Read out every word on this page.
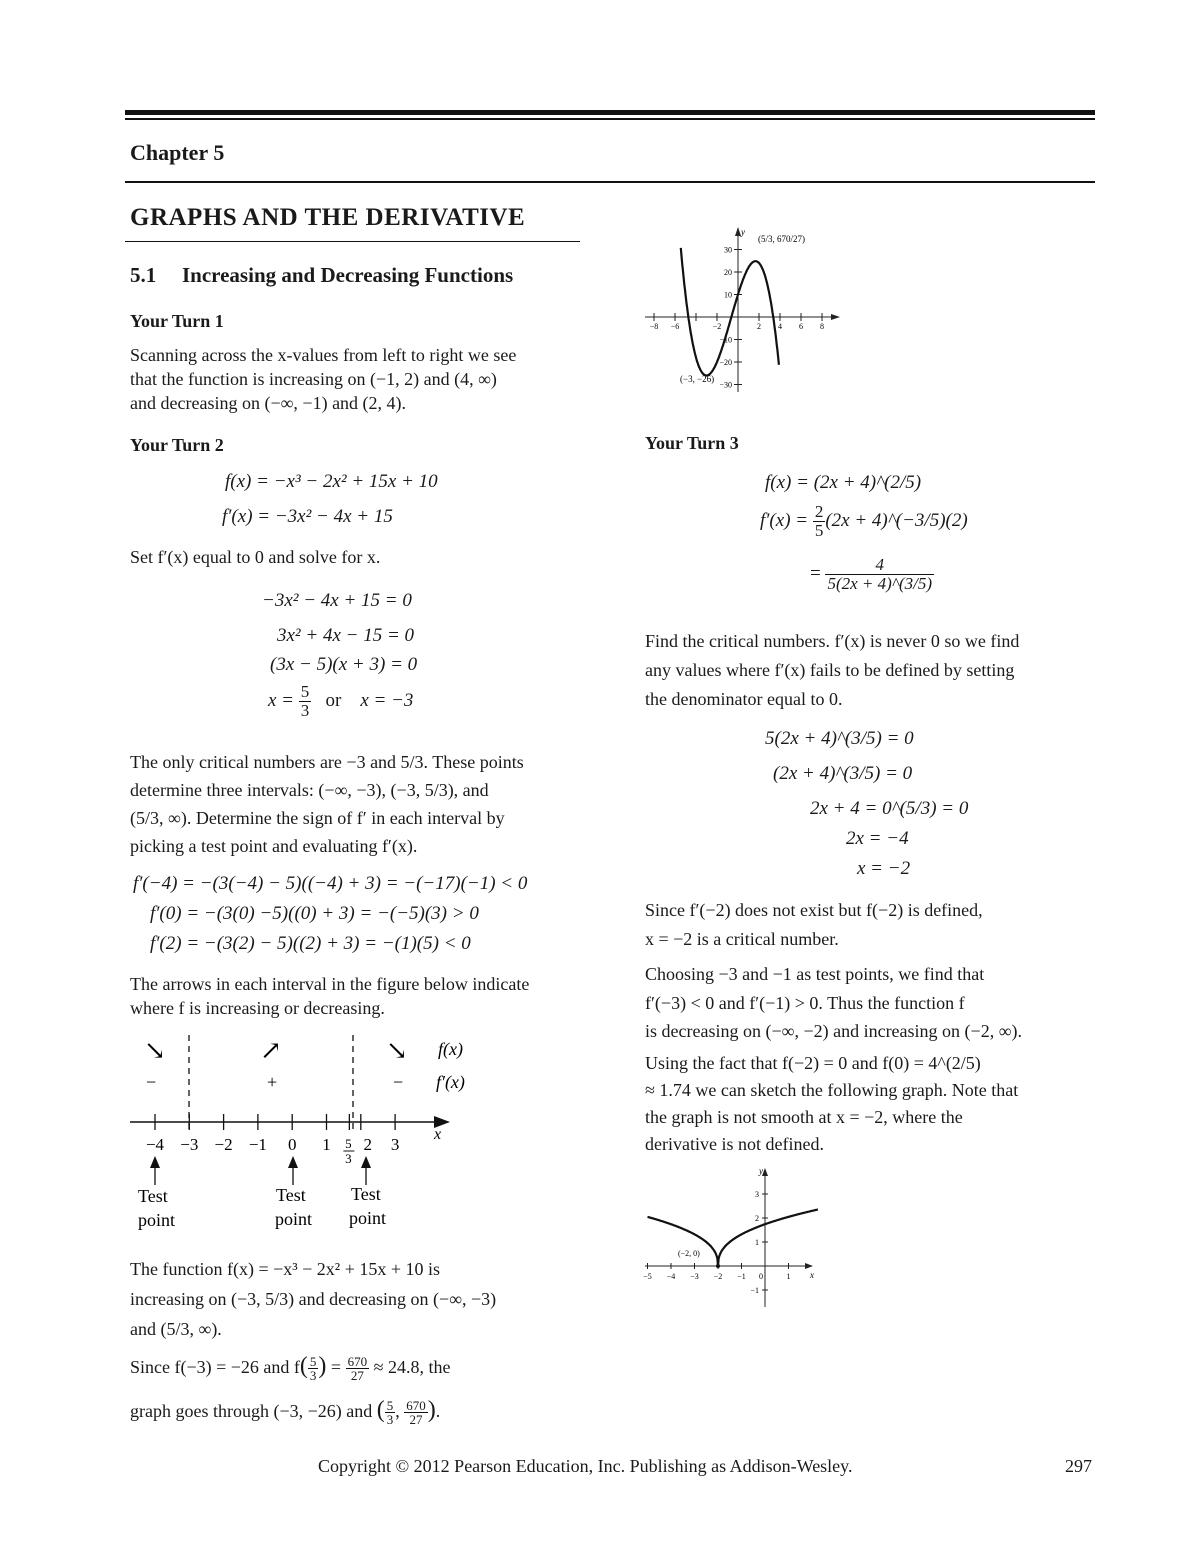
Chapter 5
GRAPHS AND THE DERIVATIVE
5.1 Increasing and Decreasing Functions
Your Turn 1
Scanning across the x-values from left to right we see
that the function is increasing on (−1, 2) and (4, ∞)
and decreasing on (−∞, −1) and (2, 4).
Your Turn 2
f(x) = −x³ − 2x² + 15x + 10
f′(x) = −3x² − 4x + 15
Set f′(x) equal to 0 and solve for x.
−3x² − 4x + 15 = 0
3x² + 4x − 15 = 0
(3x − 5)(x + 3) = 0
$x = \frac{5}{3}$ or x = −3
The only critical numbers are −3 and 5/3. These points
determine three intervals: (−∞, −3), (−3, 5/3), and
(5/3, ∞). Determine the sign of f′ in each interval by
picking a test point and evaluating f′(x).
f′(−4) = −(3(−4) − 5)((−4) + 3) = −(−17)(−1) < 0
f′(0) = −(3(0) −5)((0) + 3) = −(−5)(3) > 0
f′(2) = −(3(2) − 5)((2) + 3) = −(1)(5) < 0
The arrows in each interval in the figure below indicate
where f is increasing or decreasing.
↘	↗	↘ f(x)
−	+	− f′(x)
x
−4 −3 −2 −1 0 1 2 3
5
3
Test
point
Test
point
Test
point
The function f(x) = −x³ − 2x² + 15x + 10 is
increasing on (−3, 5/3) and decreasing on (−∞, −3)
and (5/3, ∞).
Since f(−3) = −26 and $f( \frac{5}{3}$ ) = $\frac{670}{27} \approx 24.8$, the
graph goes through (−3, −26) and ( $\frac{5}{3}$ , $\frac{670}{27}$ ).
y
−8 −6	−2	2 4 6 8
30
20
10
−10
−20
−30
(5/3, 670/27)
(−3, −26)
Your Turn 3
f(x) = (2x + 4)^(2/5)
$f'(x) = \frac{2}{5} (2x$ + 4)^(−3/5)(2)
= $\frac{4}{5(2x + 4)\^{}(3/5)}$
Find the critical numbers. f′(x) is never 0 so we find
any values where f′(x) fails to be defined by setting
the denominator equal to 0.
5(2x + 4)^(3/5) = 0
(2x + 4)^(3/5) = 0
2x + 4 = 0^(5/3) = 0
2x = −4
x = −2
Since f′(−2) does not exist but f(−2) is defined,
x = −2 is a critical number.
Choosing −3 and −1 as test points, we find that
f′(−3) < 0 and f′(−1) > 0. Thus the function f
is decreasing on (−∞, −2) and increasing on (−2, ∞).
Using the fact that f(−2) = 0 and f(0) = 4^(2/5)
≈ 1.74 we can sketch the following graph. Note that
the graph is not smooth at x = −2, where the
derivative is not defined.
x
y
−5 −4 −3 −2 −1 0	1
3
2
1
−1
(−2, 0)
Copyright © 2012 Pearson Education, Inc. Publishing as Addison-Wesley.	297
